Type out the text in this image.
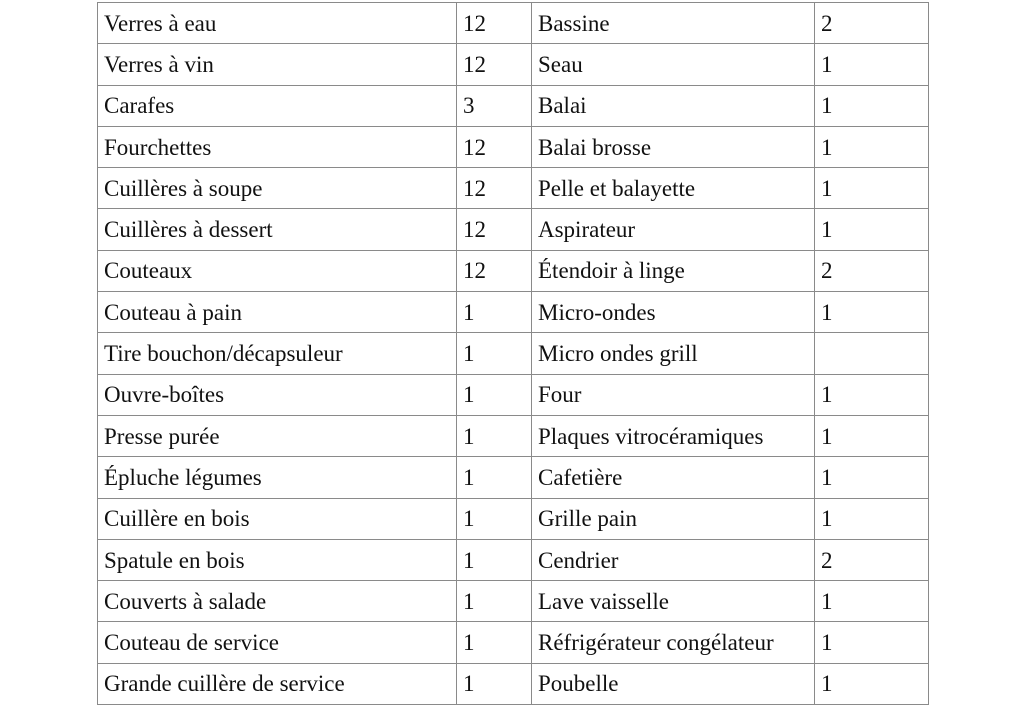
Verres à eau	12	Bassine	2
Verres à vin	12	Seau	1
Carafes	3	Balai	1
Fourchettes	12	Balai brosse	1
Cuillères à soupe	12	Pelle et balayette	1
Cuillères à dessert	12	Aspirateur	1
Couteaux	12	Étendoir à linge	2
Couteau à pain	1	Micro-ondes	1
Tire bouchon/décapsuleur	1	Micro ondes grill	
Ouvre-boîtes	1	Four	1
Presse purée	1	Plaques vitrocéramiques	1
Épluche légumes	1	Cafetière	1
Cuillère en bois	1	Grille pain	1
Spatule en bois	1	Cendrier	2
Couverts à salade	1	Lave vaisselle	1
Couteau de service	1	Réfrigérateur congélateur	1
Grande cuillère de service	1	Poubelle	1
